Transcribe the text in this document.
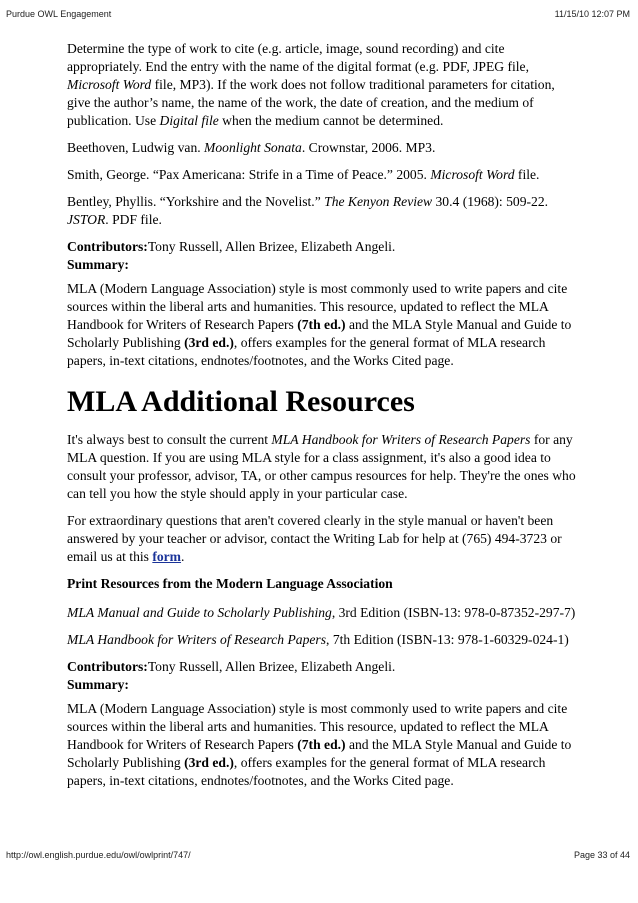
Purdue OWL Engagement	11/15/10 12:07 PM

Determine the type of work to cite (e.g. article, image, sound recording) and cite appropriately. End the entry with the name of the digital format (e.g. PDF, JPEG file, Microsoft Word file, MP3). If the work does not follow traditional parameters for citation, give the author’s name, the name of the work, the date of creation, and the medium of publication. Use Digital file when the medium cannot be determined.

Beethoven, Ludwig van. Moonlight Sonata. Crownstar, 2006. MP3.

Smith, George. “Pax Americana: Strife in a Time of Peace.” 2005. Microsoft Word file.

Bentley, Phyllis. “Yorkshire and the Novelist.” The Kenyon Review 30.4 (1968): 509-22. JSTOR. PDF file.

Contributors:Tony Russell, Allen Brizee, Elizabeth Angeli.
Summary:

MLA (Modern Language Association) style is most commonly used to write papers and cite sources within the liberal arts and humanities. This resource, updated to reflect the MLA Handbook for Writers of Research Papers (7th ed.) and the MLA Style Manual and Guide to Scholarly Publishing (3rd ed.), offers examples for the general format of MLA research papers, in-text citations, endnotes/footnotes, and the Works Cited page.

MLA Additional Resources

It's always best to consult the current MLA Handbook for Writers of Research Papers for any MLA question. If you are using MLA style for a class assignment, it's also a good idea to consult your professor, advisor, TA, or other campus resources for help. They're the ones who can tell you how the style should apply in your particular case.

For extraordinary questions that aren't covered clearly in the style manual or haven't been answered by your teacher or advisor, contact the Writing Lab for help at (765) 494-3723 or email us at this form.

Print Resources from the Modern Language Association

MLA Manual and Guide to Scholarly Publishing, 3rd Edition (ISBN-13: 978-0-87352-297-7)

MLA Handbook for Writers of Research Papers, 7th Edition (ISBN-13: 978-1-60329-024-1)

Contributors:Tony Russell, Allen Brizee, Elizabeth Angeli.
Summary:

MLA (Modern Language Association) style is most commonly used to write papers and cite sources within the liberal arts and humanities. This resource, updated to reflect the MLA Handbook for Writers of Research Papers (7th ed.) and the MLA Style Manual and Guide to Scholarly Publishing (3rd ed.), offers examples for the general format of MLA research papers, in-text citations, endnotes/footnotes, and the Works Cited page.

http://owl.english.purdue.edu/owl/owlprint/747/	Page 33 of 44
